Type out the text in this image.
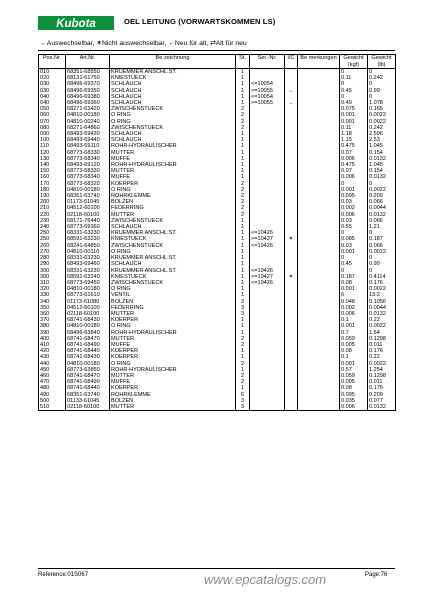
Kubota	OEL LEITUNG (VORWARTSKOMMEN LS)
←Auswechselbar, ✶Nicht auswechselbar, ←Neu für alt, ⇄Alt für neu
Pos.Nr.	Art.Nr.	Be zeichnung	St.	Ser.-Nr.	I/C	Be merkungen	Gewicht (kgf)	Gewicht (lb)
010	68351-68550	KRUEMMER ANSCHL.ST.	1				0	0
020	68131-61750	KNIESTUECK	1				0.11	0.242
030	68496-69370	SCHLAUCH	1	<=10054			0	0
030	68496-69350	SCHLAUCH	1	>=10055	←		0.45	0.99
040	68496-69380	SCHLAUCH	1	<=10054			0	0
040	68496-69360	SCHLAUCH	1	>=10055	←		0.49	1.078
050	68271-63420	ZWISCHENSTUECK	2				0.075	0.165
060	04810-00180	O RING	2				0.001	0.0022
070	04810-00240	O RING	2				0.001	0.0022
080	68271-64860	ZWISCHENSTUECK	2				0.11	0.242
090	68493-69430	SCHLAUCH	1				1.18	2.596
100	68493-69440	SCHLAUCH	1				1.15	2.53
110	68493-69110	ROHR-HYDRAULISCHER	1				0.475	1.045
120	68773-68330	MUTTER	1				0.07	0.154
130	68773-68340	MUFFE	1				0.006	0.0132
140	68493-69120	ROHR-HYDRAULISCHER	1				0.475	1.045
150	68773-68330	MUTTER	1				0.07	0.154
160	68773-68340	MUFFE	1				0.006	0.0132
170	68773-68320	KOERPER	2				0	0
180	04810-00180	O RING	2				0.001	0.0022
190	68351-63740	ROHRKLEMME	2				0.095	0.209
200	01173-61045	BOLZEN	2				0.03	0.066
210	04512-60100	FEDERRING	2				0.002	0.0044
220	02118-60100	MUTTER	2				0.006	0.0132
230	68171-76440	ZWISCHENSTUECK	1				0.03	0.066
240	68773-69360	SCHLAUCH	1				0.55	1.21
250	68331-63230	KRUEMMER ANSCHL.ST.	1	<=10426			0	0
250	68591-63230	KNIESTUECK	1	>=10427	✶		0.085	0.187
260	68241-64850	ZWISCHENSTUECK	1	<=10426			0.03	0.066
270	04810-00110	O RING	1				0.001	0.0022
280	68331-63230	KRUEMMER ANSCHL.ST.	1				0	0
290	68493-69460	SCHLAUCH	1				0.45	0.99
300	68331-63230	KRUEMMER ANSCHL.ST.	1	<=10426			0	0
300	68591-63240	KNIESTUECK	1	>=10427	✶		0.187	0.4114
310	68773-69450	ZWISCHENSTUECK	1	<=10426			0.08	0.176
320	04810-00180	O RING	1				0.001	0.0022
330	68773-61610	VENTIL	1				6	13.2
340	01173-61080	BOLZEN	3				0.048	0.1056
350	04512-60100	FEDERRING	3				0.002	0.0044
360	02118-60100	MUTTER	3				0.006	0.0132
370	68741-68430	KOERPER	1				0.1	0.22
380	04810-00180	O RING	1				0.001	0.0022
390	68496-63840	ROHR-HYDRAULISCHER	1				0.7	1.54
400	68741-68470	MUTTER	2				0.059	0.1298
410	68741-68490	MUFFE	2				0.005	0.011
420	68741-68440	KOERPER	1				0.08	0.176
430	68741-68430	KOERPER	1				0.1	0.22
440	04810-00180	O RING	2				0.001	0.0022
450	68773-63850	ROHR-HYDRAULISCHER	1				0.57	1.254
460	68741-68470	MUTTER	2				0.059	0.1298
470	68741-68490	MUFFE	2				0.005	0.011
480	68741-68440	KOERPER	1				0.08	0.176
490	68351-63740	ROHRKLEMME	6				0.095	0.209
500	01133-61045	BOLZEN	3				0.035	0.077
510	02118-60100	MUTTER	3				0.006	0.0132
Reference:01S067	www.epcatalogs.com	Page:76
